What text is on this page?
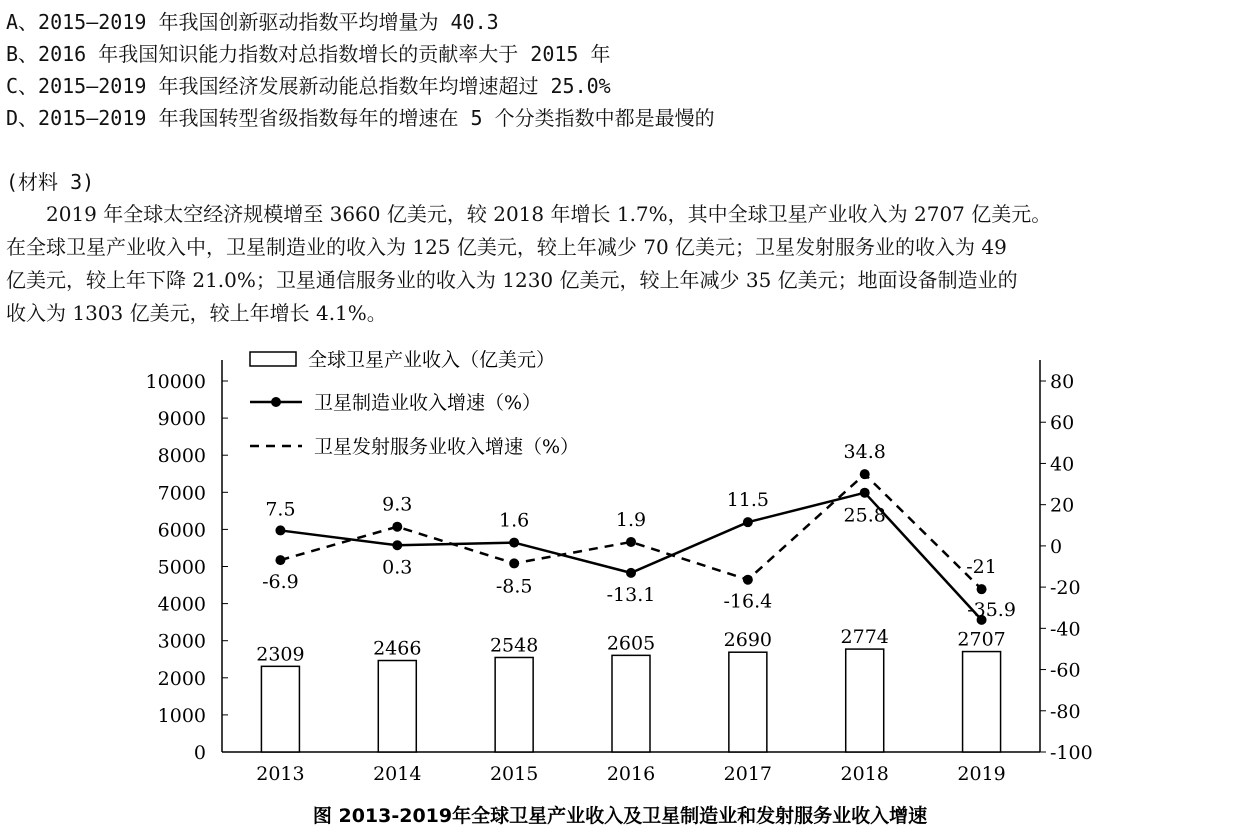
A、2015—2019 年我国创新驱动指数平均增量为 40.3
B、2016 年我国知识能力指数对总指数增长的贡献率大于 2015 年
C、2015—2019 年我国经济发展新动能总指数年均增速超过 25.0%
D、2015—2019 年我国转型省级指数每年的增速在 5 个分类指数中都是最慢的
(材料 3)
　　2019 年全球太空经济规模增至 3660 亿美元，较 2018 年增长 1.7%，其中全球卫星产业收入为 2707 亿美元。
在全球卫星产业收入中，卫星制造业的收入为 125 亿美元，较上年减少 70 亿美元；卫星发射服务业的收入为 49
亿美元，较上年下降 21.0%；卫星通信服务业的收入为 1230 亿美元，较上年减少 35 亿美元；地面设备制造业的
收入为 1303 亿美元，较上年增长 4.1%。
全球卫星产业收入（亿美元）
卫星制造业收入增速（%）
卫星发射服务业收入增速（%）
0
1000
2000
3000
4000
5000
6000
7000
8000
9000
10000
-100
-80
-60
-40
-20
0
20
40
60
80
2013	2014	2015	2016	2017	2018	2019
2309	2466	2548	2605	2690	2774	2707
7.5
0.3
1.6
-13.1
11.5
25.8
-35.9
-6.9
9.3
-8.5
1.9
-16.4
34.8
-21
图 2013-2019年全球卫星产业收入及卫星制造业和发射服务业收入增速
